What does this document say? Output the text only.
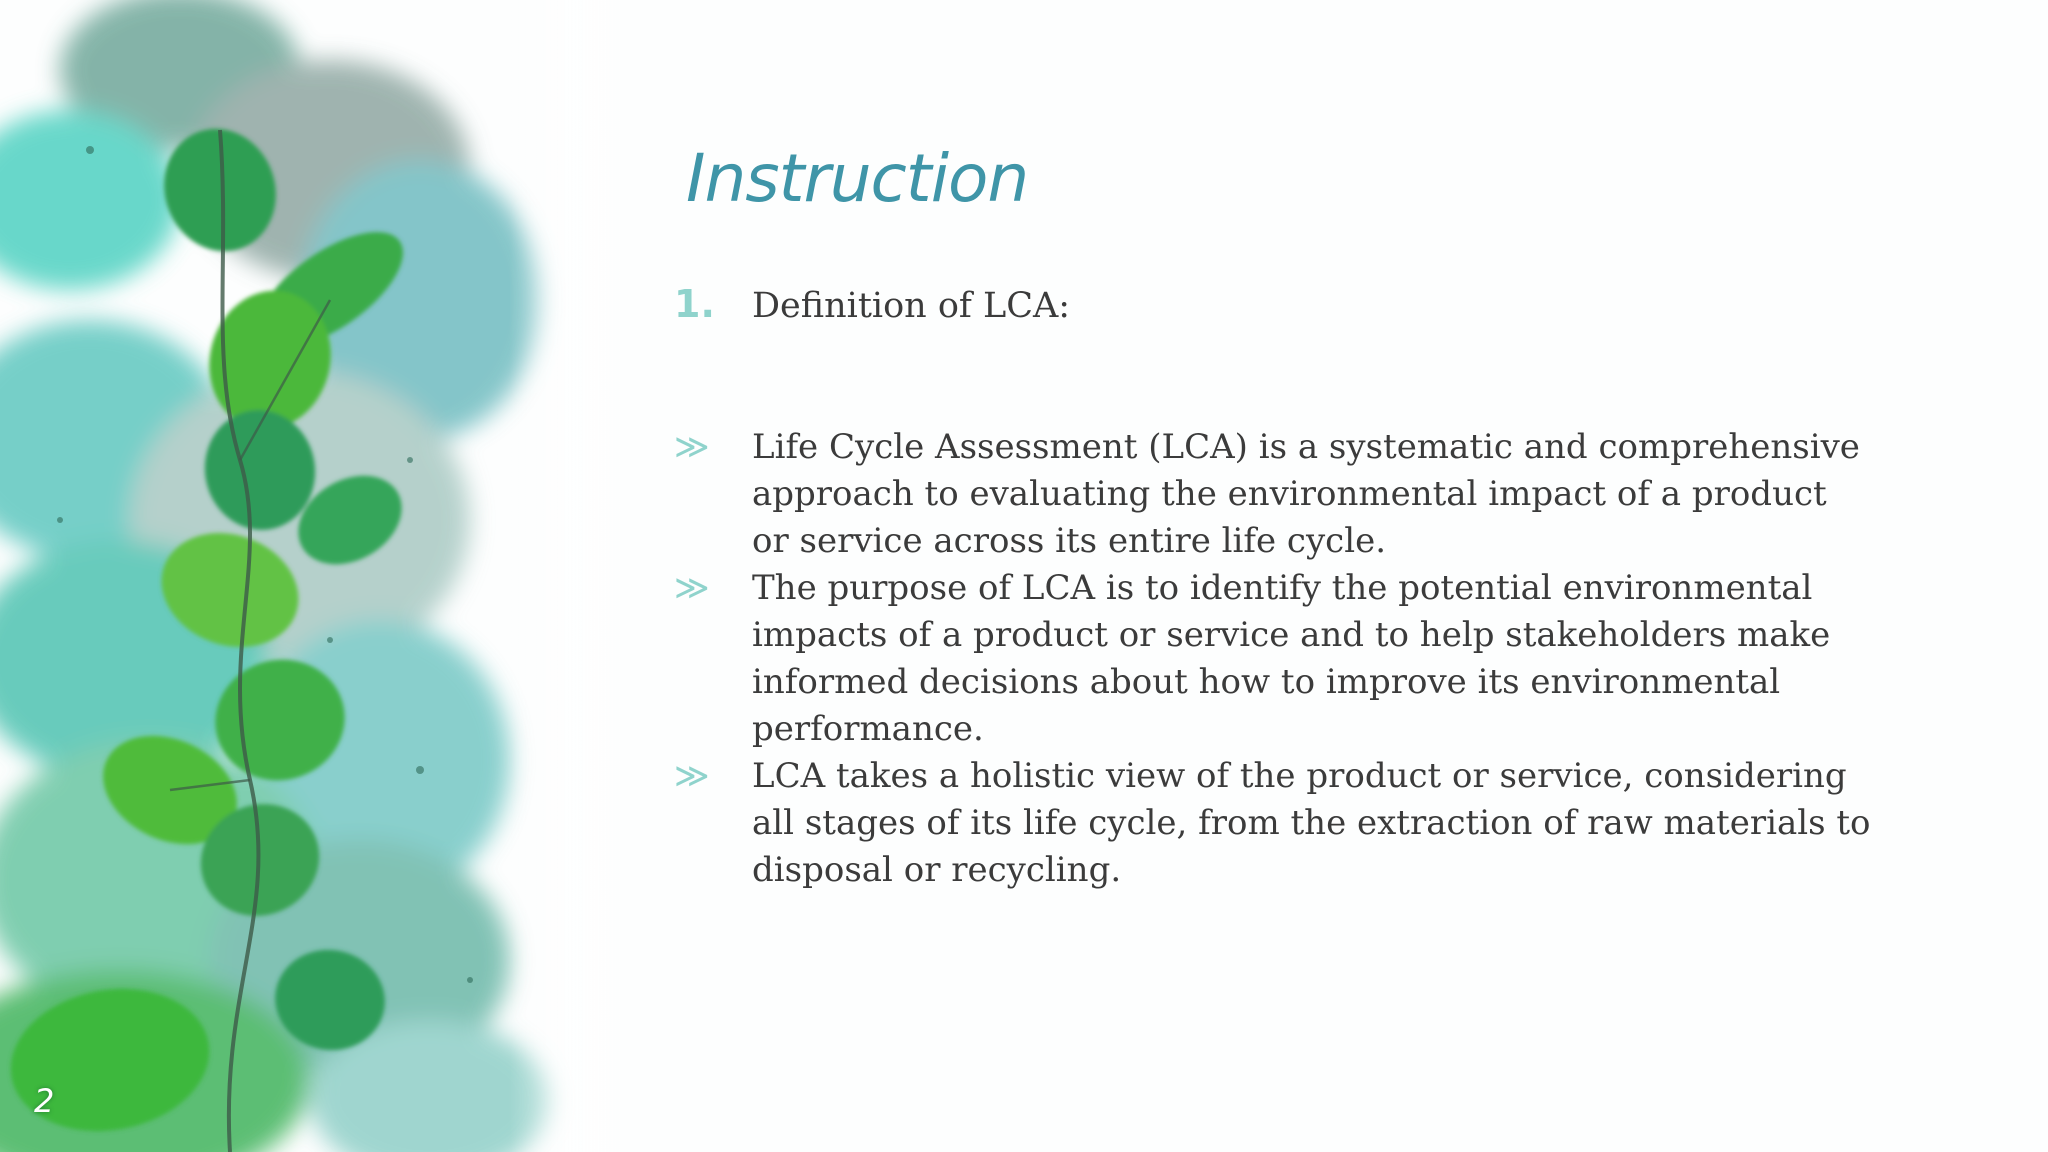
2
Instruction
1.	Definition of LCA:
≫	Life Cycle Assessment (LCA) is a systematic and comprehensive approach to evaluating the environmental impact of a product or service across its entire life cycle.
≫	The purpose of LCA is to identify the potential environmental impacts of a product or service and to help stakeholders make informed decisions about how to improve its environmental performance.
≫	LCA takes a holistic view of the product or service, considering all stages of its life cycle, from the extraction of raw materials to disposal or recycling.
